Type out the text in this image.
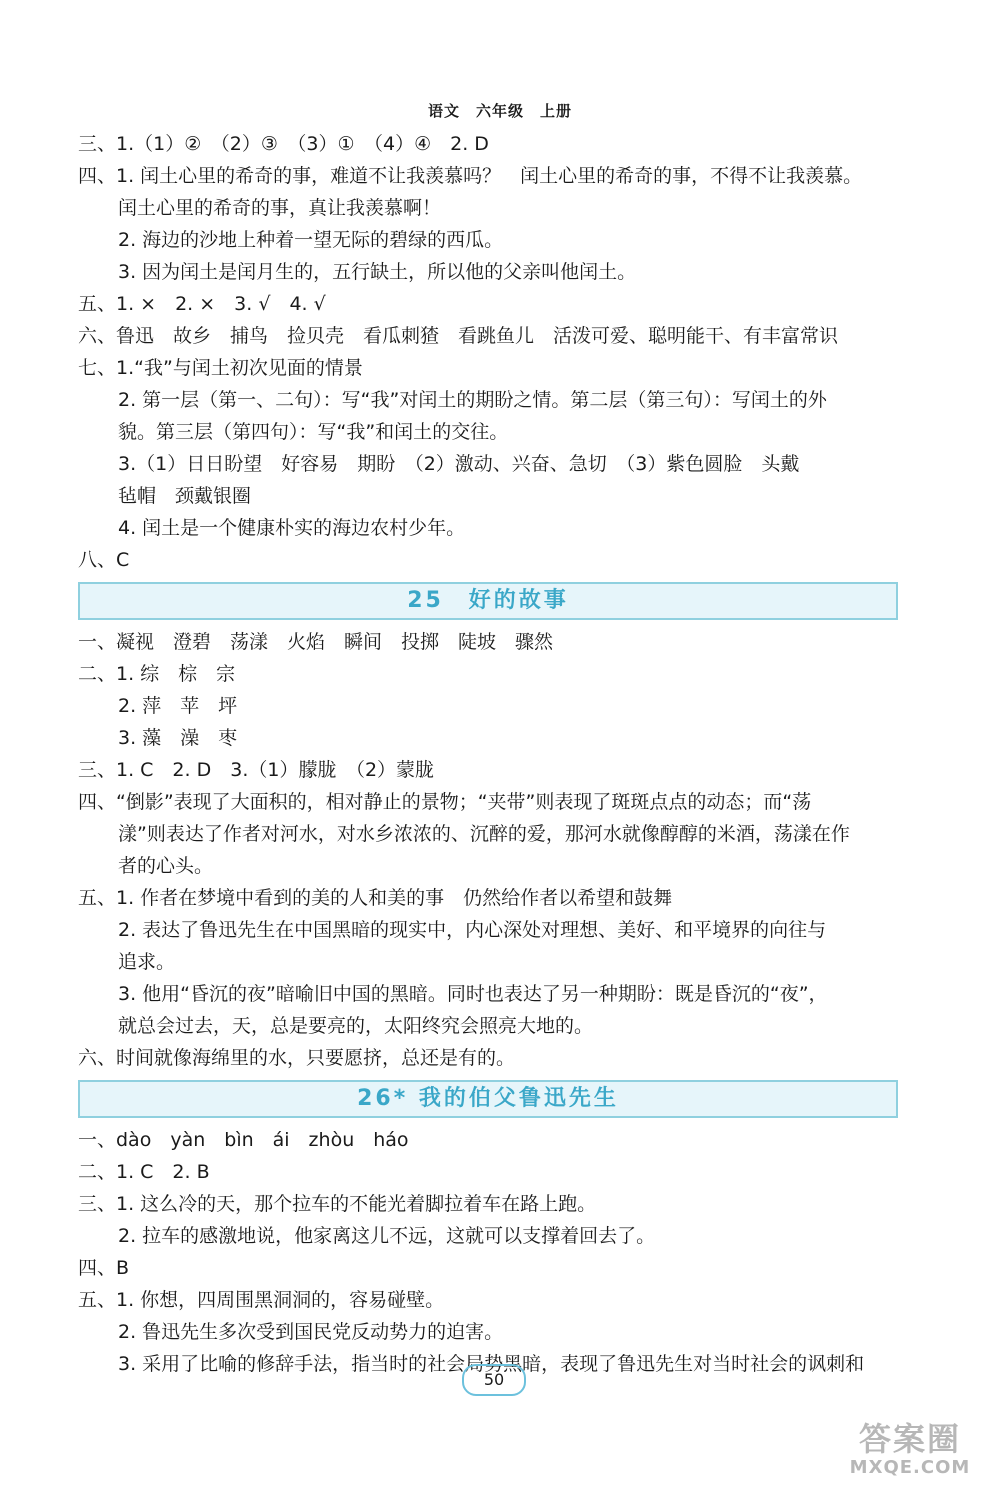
语文　六年级　上册
三、1.（1）②　（2）③　（3）①　（4）④　2. D
四、1. 闰土心里的希奇的事，难道不让我羡慕吗？　闰土心里的希奇的事，不得不让我羡慕。
闰土心里的希奇的事，真让我羡慕啊！
2. 海边的沙地上种着一望无际的碧绿的西瓜。
3. 因为闰土是闰月生的，五行缺土，所以他的父亲叫他闰土。
五、1. ×　2. ×　3. √　4. √
六、鲁迅　故乡　捕鸟　捡贝壳　看瓜刺猹　看跳鱼儿　活泼可爱、聪明能干、有丰富常识
七、1.“我”与闰土初次见面的情景
2. 第一层（第一、二句）：写“我”对闰土的期盼之情。第二层（第三句）：写闰土的外
貌。第三层（第四句）：写“我”和闰土的交往。
3.（1）日日盼望　好容易　期盼　（2）激动、兴奋、急切　（3）紫色圆脸　头戴
毡帽　颈戴银圈
4. 闰土是一个健康朴实的海边农村少年。
八、C
25　好的故事
一、凝视　澄碧　荡漾　火焰　瞬间　投掷　陡坡　骤然
二、1. 综　棕　宗
2. 萍　苹　坪
3. 藻　澡　枣
三、1. C　2. D　3.（1）朦胧　（2）蒙胧
四、“倒影”表现了大面积的，相对静止的景物；“夹带”则表现了斑斑点点的动态；而“荡
漾”则表达了作者对河水，对水乡浓浓的、沉醉的爱，那河水就像醇醇的米酒，荡漾在作
者的心头。
五、1. 作者在梦境中看到的美的人和美的事　仍然给作者以希望和鼓舞
2. 表达了鲁迅先生在中国黑暗的现实中，内心深处对理想、美好、和平境界的向往与
追求。
3. 他用“昏沉的夜”暗喻旧中国的黑暗。同时也表达了另一种期盼：既是昏沉的“夜”，
就总会过去，天，总是要亮的，太阳终究会照亮大地的。
六、时间就像海绵里的水，只要愿挤，总还是有的。
26* 我的伯父鲁迅先生
一、dào　yàn　bìn　ái　zhòu　háo
二、1. C　2. B
三、1. 这么冷的天，那个拉车的不能光着脚拉着车在路上跑。
2. 拉车的感激地说，他家离这儿不远，这就可以支撑着回去了。
四、B
五、1. 你想，四周围黑洞洞的，容易碰壁。
2. 鲁迅先生多次受到国民党反动势力的迫害。
3. 采用了比喻的修辞手法，指当时的社会局势黑暗，表现了鲁迅先生对当时社会的讽刺和
50
答案圈
MXQE.COM
